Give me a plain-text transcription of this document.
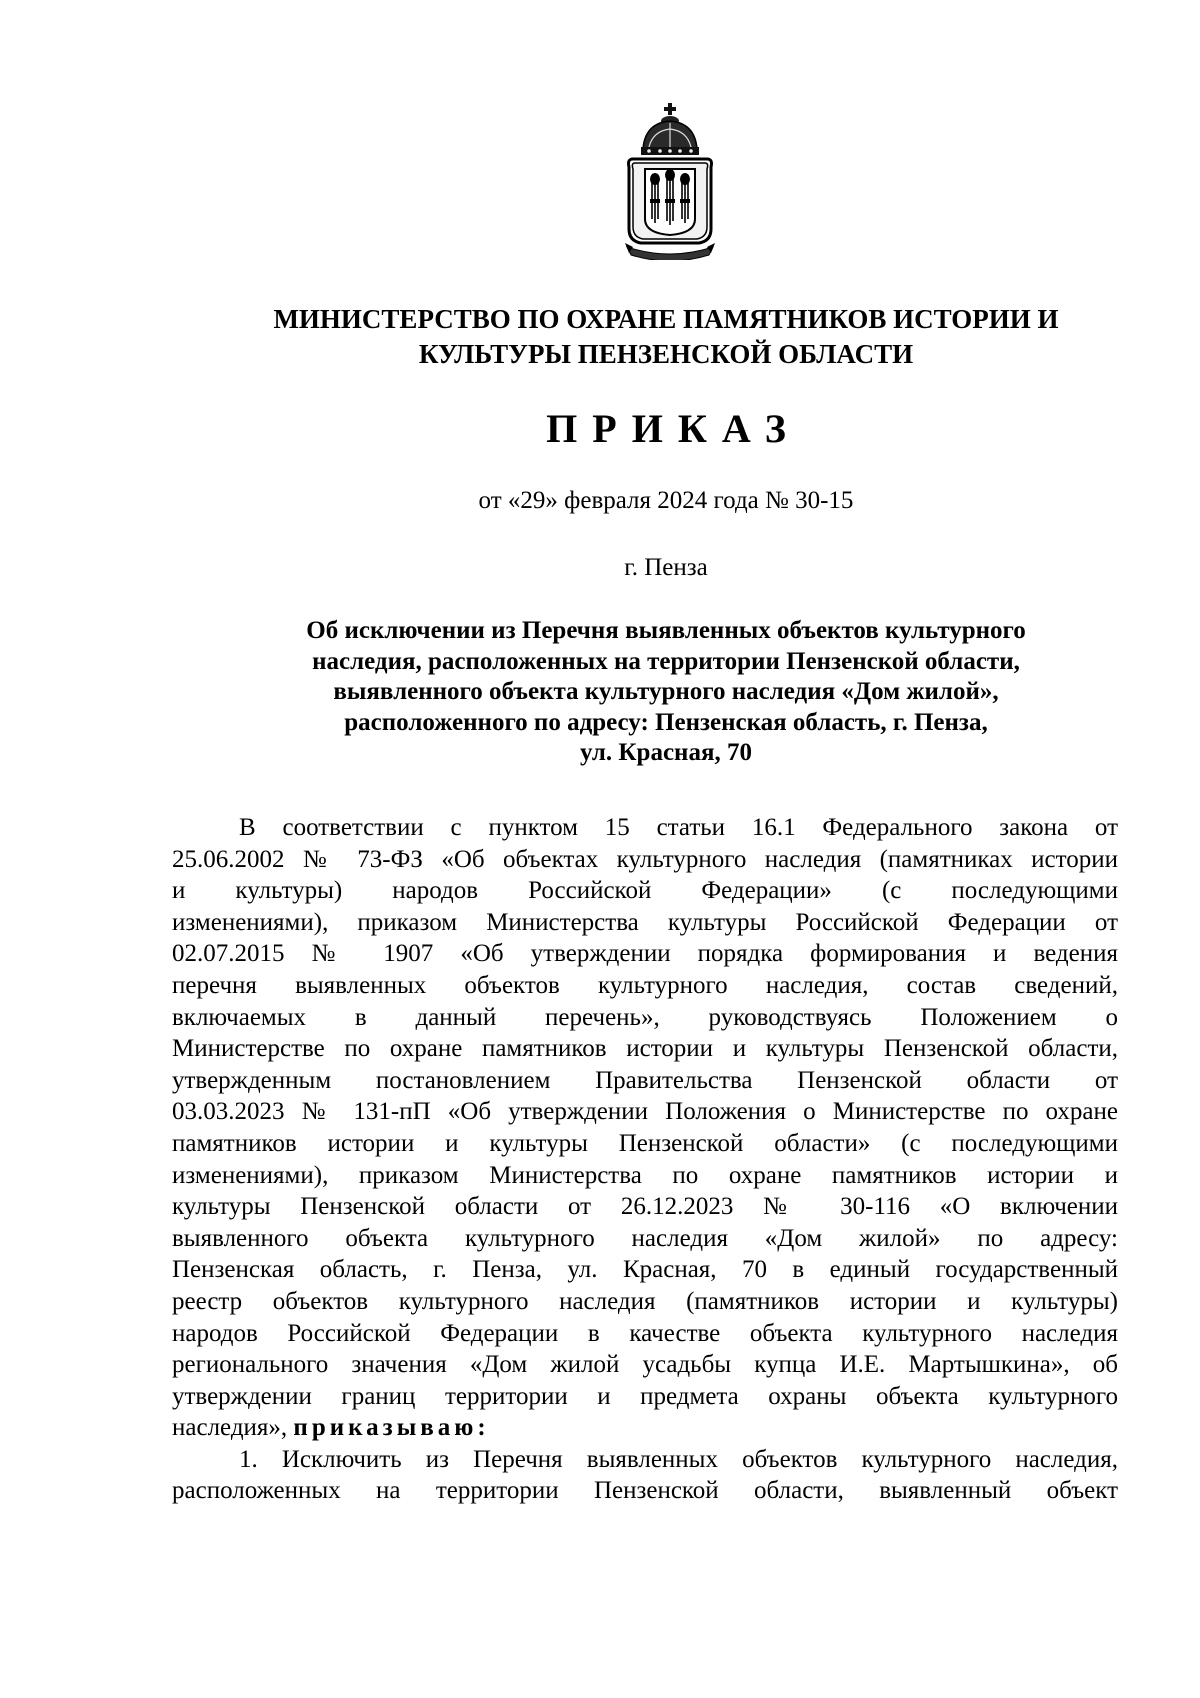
МИНИСТЕРСТВО ПО ОХРАНЕ ПАМЯТНИКОВ ИСТОРИИ И
КУЛЬТУРЫ ПЕНЗЕНСКОЙ ОБЛАСТИ
ПРИКАЗ
от «29» февраля 2024 года № 30-15
г. Пенза
Об исключении из Перечня выявленных объектов культурного
наследия, расположенных на территории Пензенской области,
выявленного объекта культурного наследия «Дом жилой»,
расположенного по адресу: Пензенская область, г. Пенза,
ул. Красная, 70
В соответствии с пунктом 15 статьи 16.1 Федерального закона от
25.06.2002 № 73-ФЗ «Об объектах культурного наследия (памятниках истории
и культуры) народов Российской Федерации» (с последующими
изменениями), приказом Министерства культуры Российской Федерации от
02.07.2015 № 1907 «Об утверждении порядка формирования и ведения
перечня выявленных объектов культурного наследия, состав сведений,
включаемых в данный перечень», руководствуясь Положением о
Министерстве по охране памятников истории и культуры Пензенской области,
утвержденным постановлением Правительства Пензенской области от
03.03.2023 № 131-пП «Об утверждении Положения о Министерстве по охране
памятников истории и культуры Пензенской области» (с последующими
изменениями), приказом Министерства по охране памятников истории и
культуры Пензенской области от 26.12.2023 № 30-116 «О включении
выявленного объекта культурного наследия «Дом жилой» по адресу:
Пензенская область, г. Пенза, ул. Красная, 70 в единый государственный
реестр объектов культурного наследия (памятников истории и культуры)
народов Российской Федерации в качестве объекта культурного наследия
регионального значения «Дом жилой усадьбы купца И.Е. Мартышкина», об
утверждении границ территории и предмета охраны объекта культурного
наследия», приказываю:
1. Исключить из Перечня выявленных объектов культурного наследия,
расположенных на территории Пензенской области, выявленный объект
